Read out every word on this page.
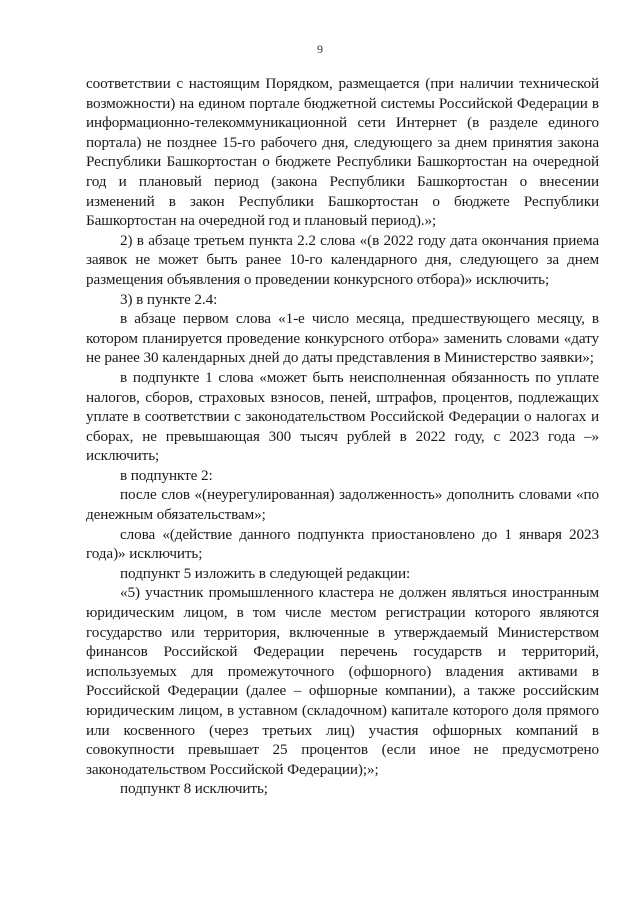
9

соответствии с настоящим Порядком, размещается (при наличии технической возможности) на едином портале бюджетной системы Российской Федерации в информационно-телекоммуникационной сети Интернет (в разделе единого портала) не позднее 15-го рабочего дня, следующего за днем принятия закона Республики Башкортостан о бюджете Республики Башкортостан на очередной год и плановый период (закона Республики Башкортостан о внесении изменений в закон Республики Башкортостан о бюджете Республики Башкортостан на очередной год и плановый период).»;

2) в абзаце третьем пункта 2.2 слова «(в 2022 году дата окончания приема заявок не может быть ранее 10-го календарного дня, следующего за днем размещения объявления о проведении конкурсного отбора)» исключить;

3) в пункте 2.4:

в абзаце первом слова «1-е число месяца, предшествующего месяцу, в котором планируется проведение конкурсного отбора» заменить словами «дату не ранее 30 календарных дней до даты представления в Министерство заявки»;

в подпункте 1 слова «может быть неисполненная обязанность по уплате налогов, сборов, страховых взносов, пеней, штрафов, процентов, подлежащих уплате в соответствии с законодательством Российской Федерации о налогах и сборах, не превышающая 300 тысяч рублей в 2022 году, с 2023 года –» исключить;

в подпункте 2:

после слов «(неурегулированная) задолженность» дополнить словами «по денежным обязательствам»;

слова «(действие данного подпункта приостановлено до 1 января 2023 года)» исключить;

подпункт 5 изложить в следующей редакции:

«5) участник промышленного кластера не должен являться иностранным юридическим лицом, в том числе местом регистрации которого являются государство или территория, включенные в утверждаемый Министерством финансов Российской Федерации перечень государств и территорий, используемых для промежуточного (офшорного) владения активами в Российской Федерации (далее – офшорные компании), а также российским юридическим лицом, в уставном (складочном) капитале которого доля прямого или косвенного (через третьих лиц) участия офшорных компаний в совокупности превышает 25 процентов (если иное не предусмотрено законодательством Российской Федерации);»;

подпункт 8 исключить;
